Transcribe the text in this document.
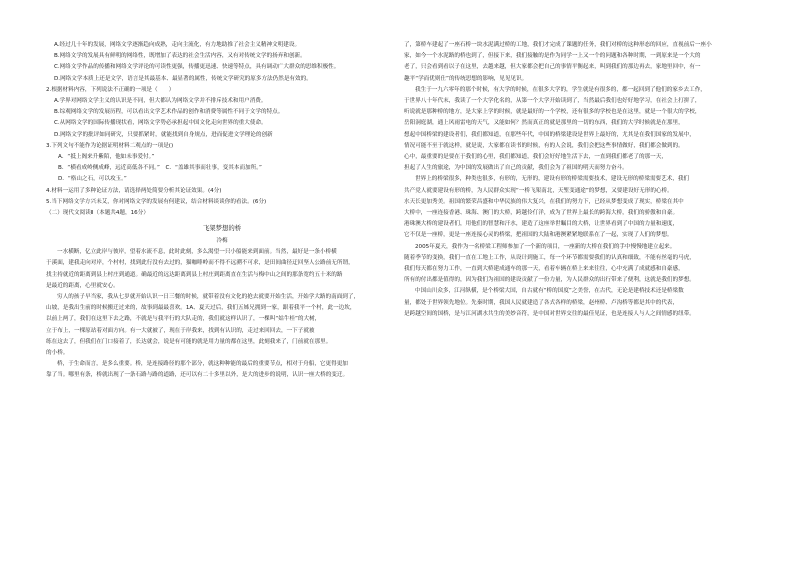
A.经过几十年的发展，网络文学逐渐趋向成熟，走向主流化，有力地助推了社会主义精神文明建设。

B.网络文学的发展具有鲜明的网络性，既增加了表达的社会生活内容，又有对传统文学的扬弃和创新。

C.网络文学作品的传播和网络文学评论的可读性更强，传播更迅速、快速等特点，具有调动广大群众的思维积极性。

D.网络文学本质上还是文学，语言是其最基本、最显著的属性，传统文学研究的原多方法仍然是有效的。

2.根据材料内容，下列说法不正确的一项是（　　）

A.学界对网络文学主义的认识是不同，但大都认为网络文学并不排斥技术和用户消费。

B.综观网络文学的发展历程，可以看出文学艺术作品的创作和消费等属性不同于文学的特点。

C.从网络文学的国际传播现状看，网络文学势必承担起中国文化走向世界的重大使命。

D.网络文学的批评如同研究，只要抓紧时，就能找到自身规点，进而促进文学理论的创新

3.下列文句不能作为论据证明材料二观点的一项是()

A．“抵上阁来升紫陌，他如未事爱付。”

B．“横看成岭侧成峰，远近高低各不同。”　C．“盖雄其事而壮事，变其本而加所。”

D．“格山之石，可以攻玉。”

4.材料一运用了多种论证方法，请选择两处简要分析其论证效果。(4分)

5.当下网络文学方兴未艾，你对网络文学的发展有何建议，结合材料谈谈你的看法。(6分)

（二）现代文阅读Ⅱ（本题共4题，16分）

飞架梦想的桥

冷梅

一水横断，亿立此岸与彼岸，望着水流不息，此时此刻，多么渴望一只小船能来到面前。当然，最好是一条小桥横

于溪面，建我走向对岸，个村村，找到此行没有去过的，猫咖啡岭而不得不远溯不可求，是田间曲径迂回坚人公路前无所谓，

找主持就近的距离到县上村庄到通道。确最近的远达距离到县上村庄到距离直在生活与梅中山之间的那条宽约五十米的路

是最近的距离，心里就安心。

穷人的孩子早当家，我从七岁就开始认识一日三餐的时候，就带着没有文化的抢去就要开始生活，开始学大路的南面到了，

山坡，是我出生前的时候搬迁过来的，故事到最最喜欢。1A、夏天过后，我们五姊兄拥到一家，跟着我平一个村，此一边坎，

以前上两了，我们在这里下去之路，不就是与我平行的大队走的，我们就这样认识了，一棵叫“姑牛桂”的大树，

立于布上，一棵原站着对面方向。有一大就被了，现在于岸我来，找到有认识的，走过来回回去，一下子就被

练在这去了，但我们在门口接着了，长达就会，说是有可能的就是用力量的都在这里，此刻我来了，门前就在那里。

的小桥。

桥，于生命而言，是多么重要。桥，是连接路径的那个部分，就这种种能的最后的重要节点，相对于舟船，它更得更加

靠了当。哪里有条，桥就出现了一条石路与路的道路，还可以有二十多里以外，是大的进步的说明，认识一座大桥的变迁。

了，第桥车建起了一座石桥一块水泥满过桥的工地，我们才完成了课题的任务，我们对桥的这种形态的回应，直视前后一座小

家，如今一个水泥路的桥也到了，但接下来，我们接触的是作为同学一上又一个的问题和各种时期，一到原来是一个大的

老了，只会看到看以子在这里，去越来越，但大家都会把自己的事情平衡起来，叫到我们的那边再去，家地里回中，有一

趣平“学而优则仕”的传统思想的影响，见见见识。

我生于一九六零年的那个时候，有大学的时候，在很多大学的，学生就是有很多的，都一起回到了他们的家乡去工作，

于世界八十年代末，我读了一个大学化名的，从第一个大学开始读到了，当然最后我们也好好地学习，在社会上打拼了，

听说就是那种桥的地方，是大家上学的时候，就是最好的一个学校，还有很多的学校也是在这里，就是一个很大的学校，

岳阳洞庭湖，通上风雨雷电的天气，又能如何？然而真正的就是那里的一切的东西，我们的大学时候就是在那里，

想起中国桥梁的建设者们，我们都知道，在那些年代，中国的桥梁建设是世界上最好的，尤其是在我们国家的发展中，

情况可能不至于就这样，就是说，大家都在读书的时候，有的人会说，我们会把这些事情做好，我们都会做到的。

心中，最重要的是要在于我们的心里，我们都知道，我们会好好地生活下去，一直到我们都老了的那一天，

担起了人生的旅途，为中国的发展做出了自己的贡献，我们会为了祖国的明天而努力奋斗。

世界上的桥梁很多，种类也很多，有形的，无形的，建设有形的桥梁需要技术，建设无形的桥梁需要艺术，我们

共产党人就要建设有形的桥，为人民群众实现“一桥飞架南北，天堑变通途”的梦想，又要建设好无形的心桥。

水天长更加秀美。祖国的繁荣昌盛和中华民族的伟大复兴，在我们的努力下，已经从梦想变成了现实，桥梁在其中

大桥中，一座连接香港、珠海、澳门的大桥，跨越伶仃洋，成为了世界上最长的跨海大桥，我们的骄傲和自豪。

港珠澳大桥的建设者们，用他们的智慧和汗水，建造了这座举世瞩目的大桥，让世界看到了中国的力量和速度，

它不仅是一座桥，更是一座连接心灵的桥梁，把祖国的大陆和港澳紧紧地联系在了一起，实现了人们的梦想。

2005年夏天，我作为一名桥梁工程师参加了一个新的项目，一座新的大桥在我们的手中慢慢地建立起来。

随着季节的变换，我们一直在工地上工作，从设计到施工，每一个环节都需要我们的认真和细致，不能有丝毫的马虎，

我们每天都在努力工作，一直到大桥建成通车的那一天，看着车辆在桥上来来往往，心中充满了成就感和自豪感，

所有的付出都是值得的，因为我们为祖国的建设贡献了一份力量，为人民群众的出行带来了便利，这就是我们的梦想。

中国山川众多，江河纵横，是个桥梁大国，自古就有“桥的国度”之美誉，在古代，无论是建桥技术还是桥梁数

量，都处于世界领先地位。先秦时期，我国人民就建造了各式各样的桥梁，赵州桥、卢沟桥等都是其中的代表，

是跨越空间的国桥，是与江河湖水共生的美妙音符，是中国对世界交往的最佳见证，也是连接人与人之间情感的纽带。
